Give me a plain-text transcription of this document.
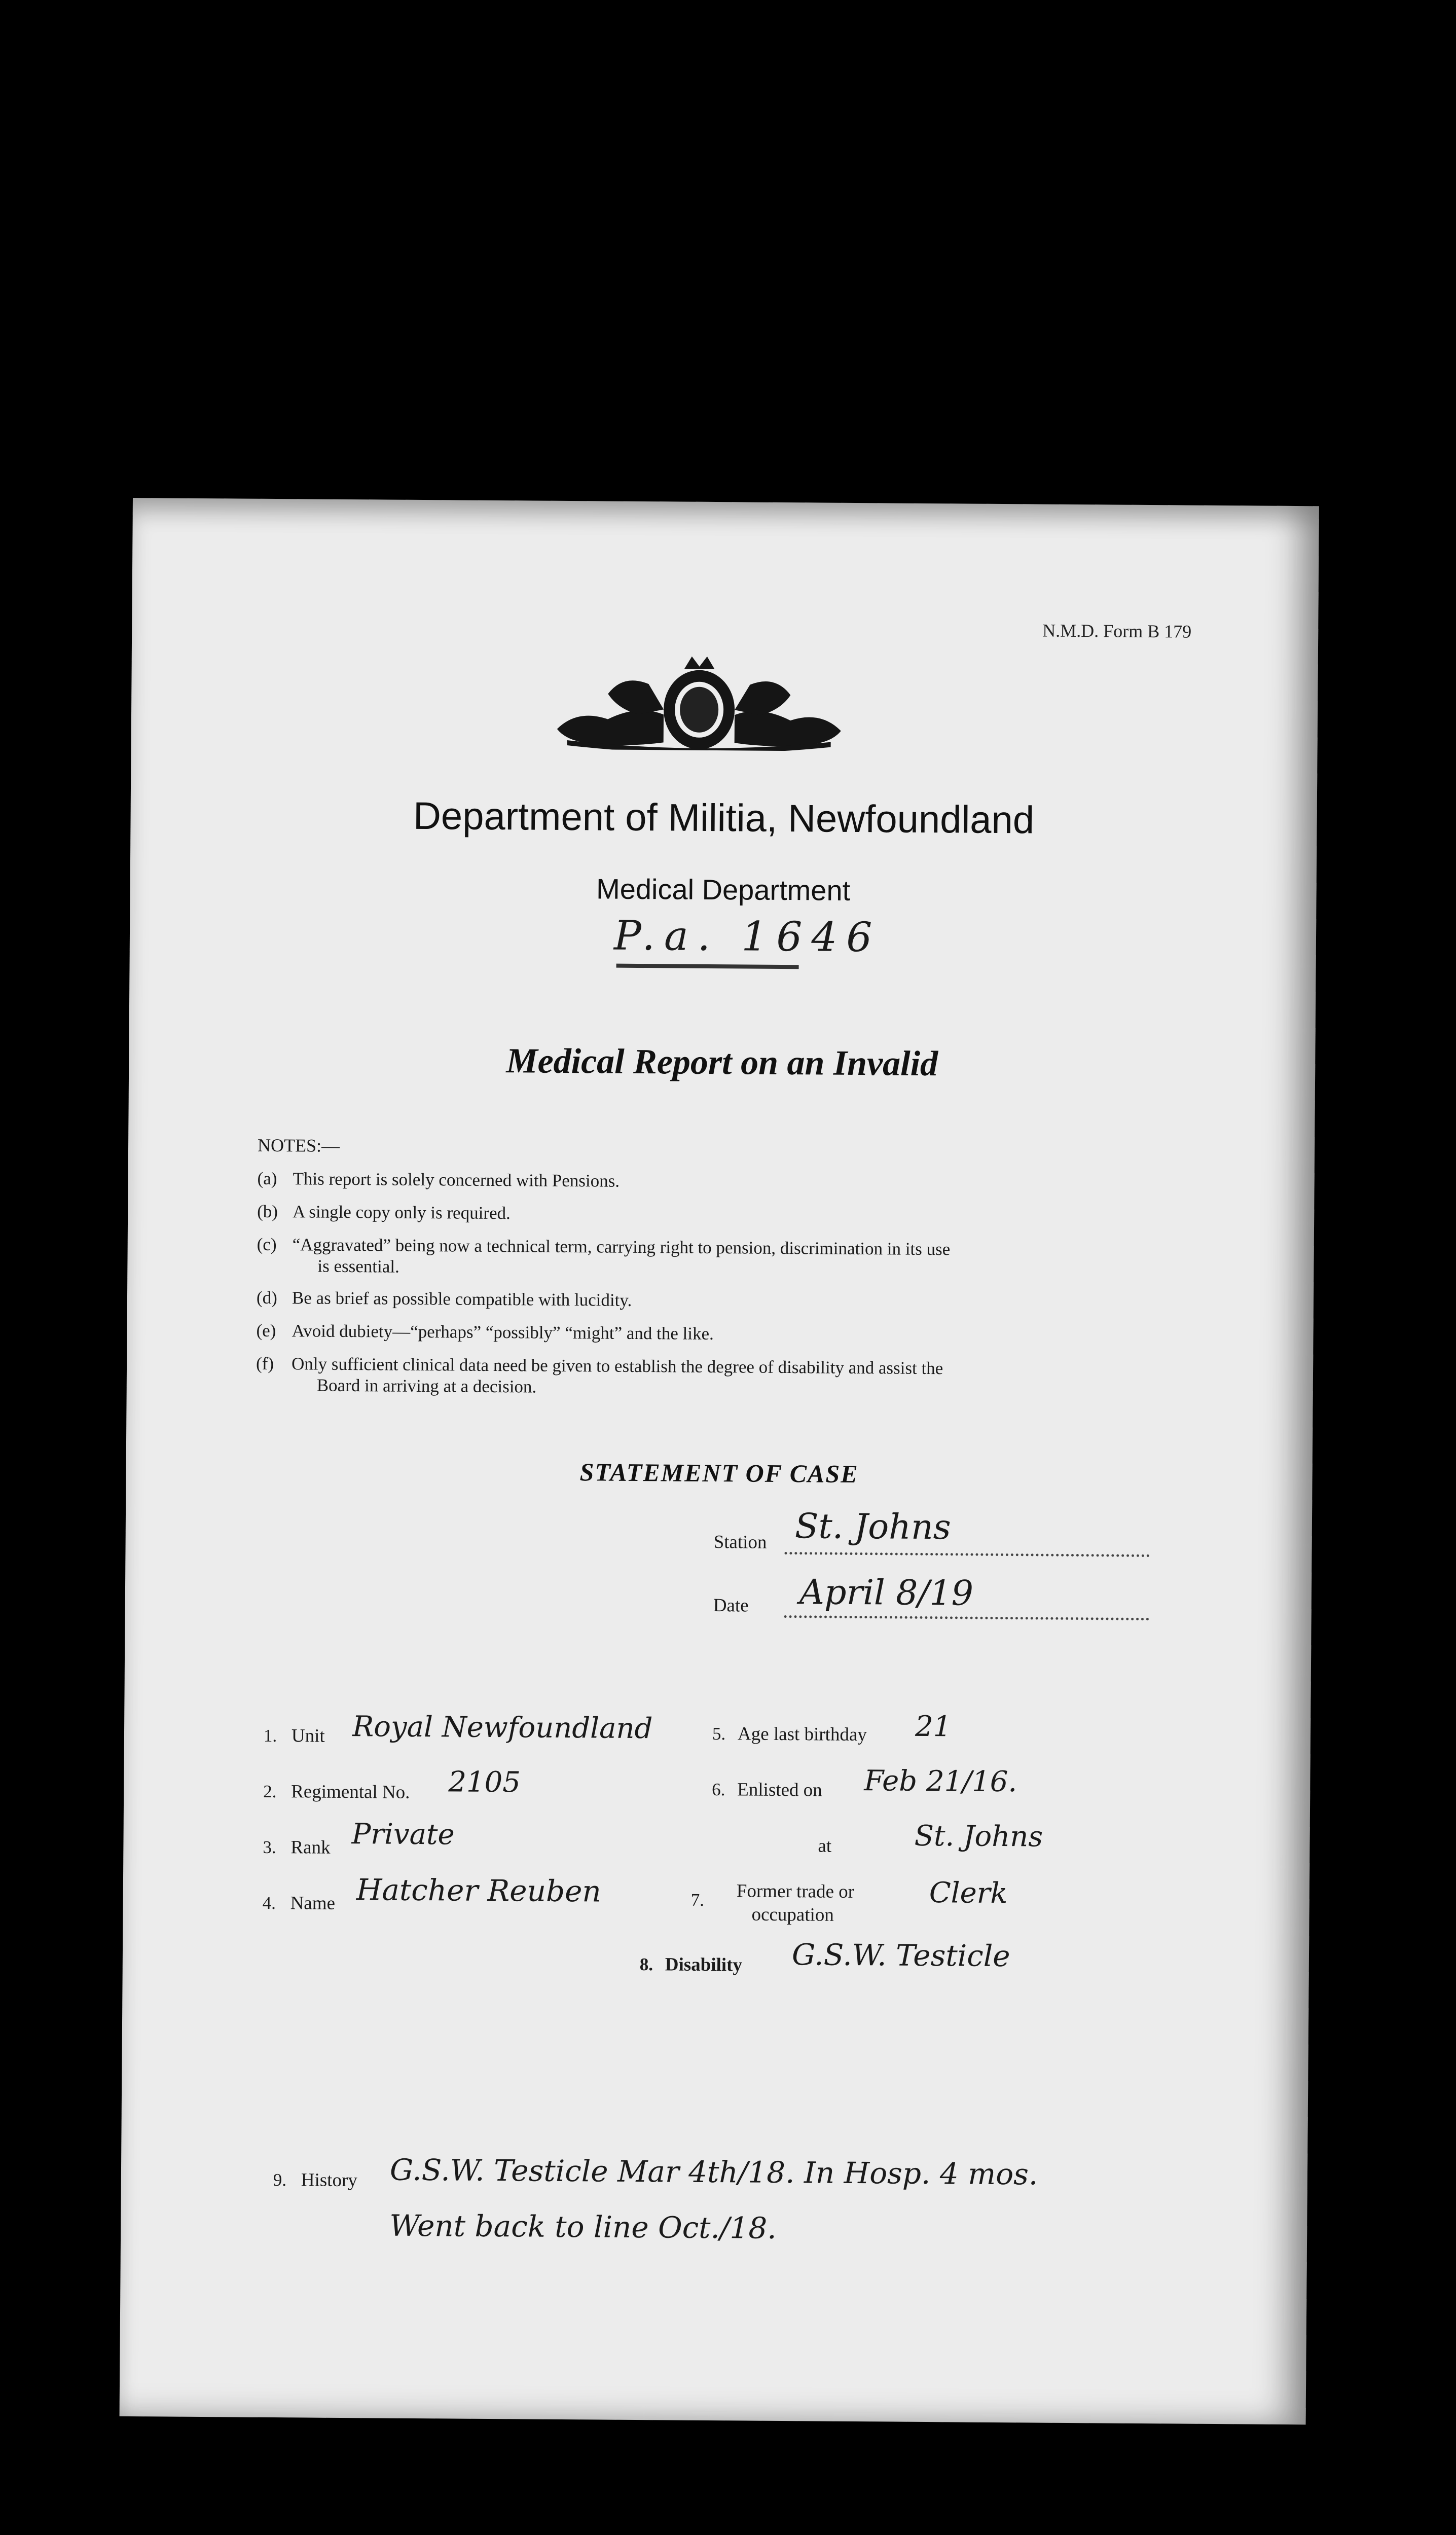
N.M.D. Form B 179
Department of Militia, Newfoundland
Medical Department
P.a. 1646
Medical Report on an Invalid
NOTES:—
(a) This report is solely concerned with Pensions.
(b) A single copy only is required.
(c) “Aggravated” being now a technical term, carrying right to pension, discrimination in its use
is essential.
(d) Be as brief as possible compatible with lucidity.
(e) Avoid dubiety—“perhaps” “possibly” “might” and the like.
(f) Only sufficient clinical data need be given to establish the degree of disability and assist the
Board in arriving at a decision.
STATEMENT OF CASE
Station St. Johns
Date April 8/19
1. Unit Royal Newfoundland	5. Age last birthday 21
2. Regimental No. 2105	6. Enlisted on Feb 21/16.
3. Rank Private	at	St. Johns
4. Name Hatcher Reuben	7. Former trade or
occupation
Clerk
8. Disability G.S.W. Testicle
9. History G.S.W. Testicle Mar 4th/18. In Hosp. 4 mos.
Went back to line Oct./18.
